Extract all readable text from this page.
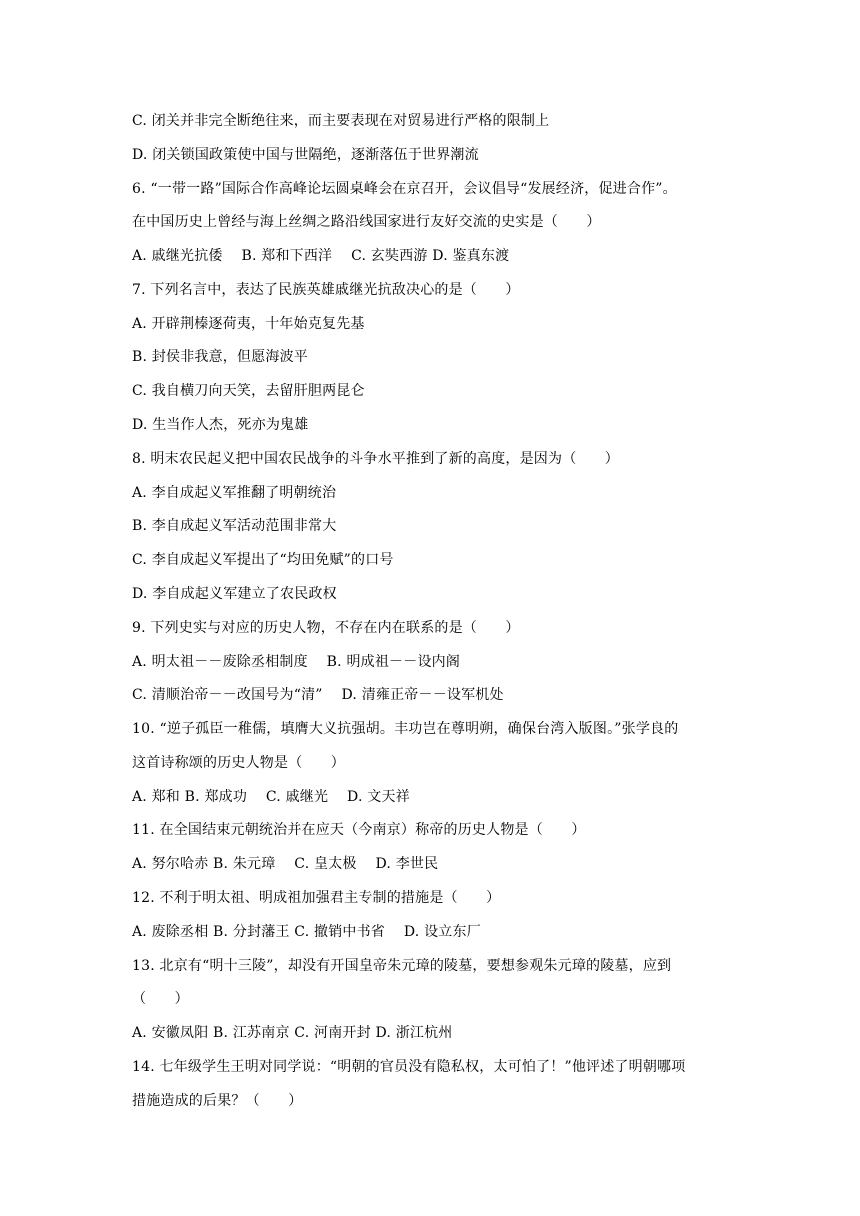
C. 闭关并非完全断绝往来，而主要表现在对贸易进行严格的限制上
D. 闭关锁国政策使中国与世隔绝，逐渐落伍于世界潮流
6. “一带一路”国际合作高峰论坛圆桌峰会在京召开，会议倡导“发展经济，促进合作”。
在中国历史上曾经与海上丝绸之路沿线国家进行友好交流的史实是（　　）
A. 戚继光抗倭　 B. 郑和下西洋　 C. 玄奘西游 D. 鉴真东渡
7. 下列名言中，表达了民族英雄戚继光抗敌决心的是（　　）
A. 开辟荆榛逐荷夷，十年始克复先基
B. 封侯非我意，但愿海波平
C. 我自横刀向天笑，去留肝胆两昆仑
D. 生当作人杰，死亦为鬼雄
8. 明末农民起义把中国农民战争的斗争水平推到了新的高度，是因为（　　）
A. 李自成起义军推翻了明朝统治
B. 李自成起义军活动范围非常大
C. 李自成起义军提出了“均田免赋”的口号
D. 李自成起义军建立了农民政权
9. 下列史实与对应的历史人物，不存在内在联系的是（　　）
A. 明太祖－－废除丞相制度　 B. 明成祖－－设内阁
C. 清顺治帝－－改国号为“清”　 D. 清雍正帝－－设军机处
10. “逆子孤臣一稚儒，填膺大义抗强胡。丰功岂在尊明朔，确保台湾入版图。”张学良的
这首诗称颂的历史人物是（　　）
A. 郑和 B. 郑成功　 C. 戚继光　 D. 文天祥
11. 在全国结束元朝统治并在应天（今南京）称帝的历史人物是（　　）
A. 努尔哈赤 B. 朱元璋　 C. 皇太极　 D. 李世民
12. 不利于明太祖、明成祖加强君主专制的措施是（　　）
A. 废除丞相 B. 分封藩王 C. 撤销中书省　 D. 设立东厂
13. 北京有“明十三陵”，却没有开国皇帝朱元璋的陵墓，要想参观朱元璋的陵墓，应到
（　　）
A. 安徽凤阳 B. 江苏南京 C. 河南开封 D. 浙江杭州
14. 七年级学生王明对同学说：“明朝的官员没有隐私权，太可怕了！”他评述了明朝哪项
措施造成的后果？（　　）
